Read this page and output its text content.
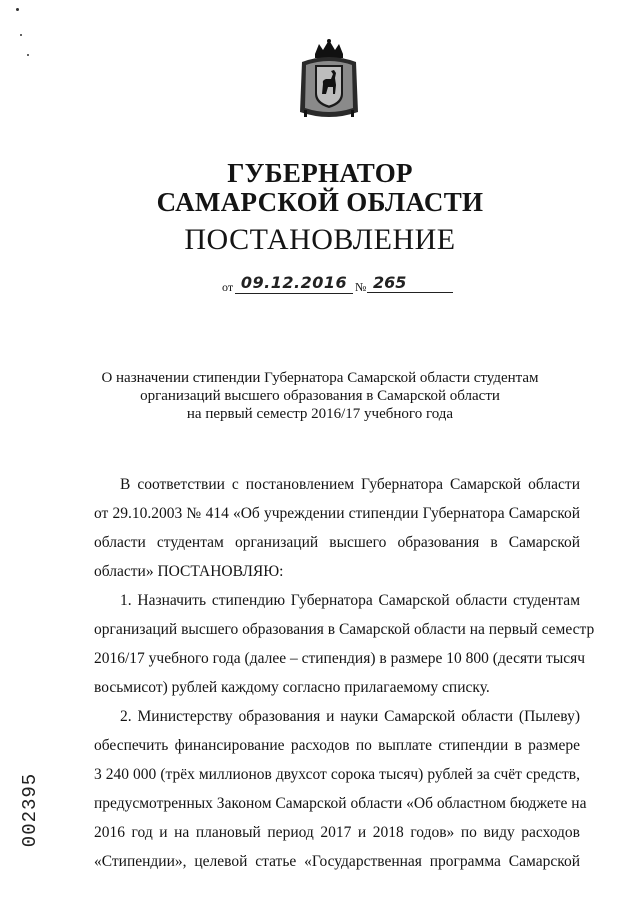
ГУБЕРНАТОР
САМАРСКОЙ ОБЛАСТИ
ПОСТАНОВЛЕНИЕ
от 09.12.2016 № 265
О назначении стипендии Губернатора Самарской области студентам
организаций высшего образования в Самарской области
на первый семестр 2016/17 учебного года
В соответствии с постановлением Губернатора Самарской области
от 29.10.2003 № 414 «Об учреждении стипендии Губернатора Самарской
области студентам организаций высшего образования в Самарской
области» ПОСТАНОВЛЯЮ:
1. Назначить стипендию Губернатора Самарской области студентам
организаций высшего образования в Самарской области на первый семестр
2016/17 учебного года (далее – стипендия) в размере 10 800 (десяти тысяч
восьмисот) рублей каждому согласно прилагаемому списку.
2. Министерству образования и науки Самарской области (Пылеву)
обеспечить финансирование расходов по выплате стипендии в размере
3 240 000 (трёх миллионов двухсот сорока тысяч) рублей за счёт средств,
предусмотренных Законом Самарской области «Об областном бюджете на
2016 год и на плановый период 2017 и 2018 годов» по виду расходов
«Стипендии», целевой статье «Государственная программа Самарской
002395
